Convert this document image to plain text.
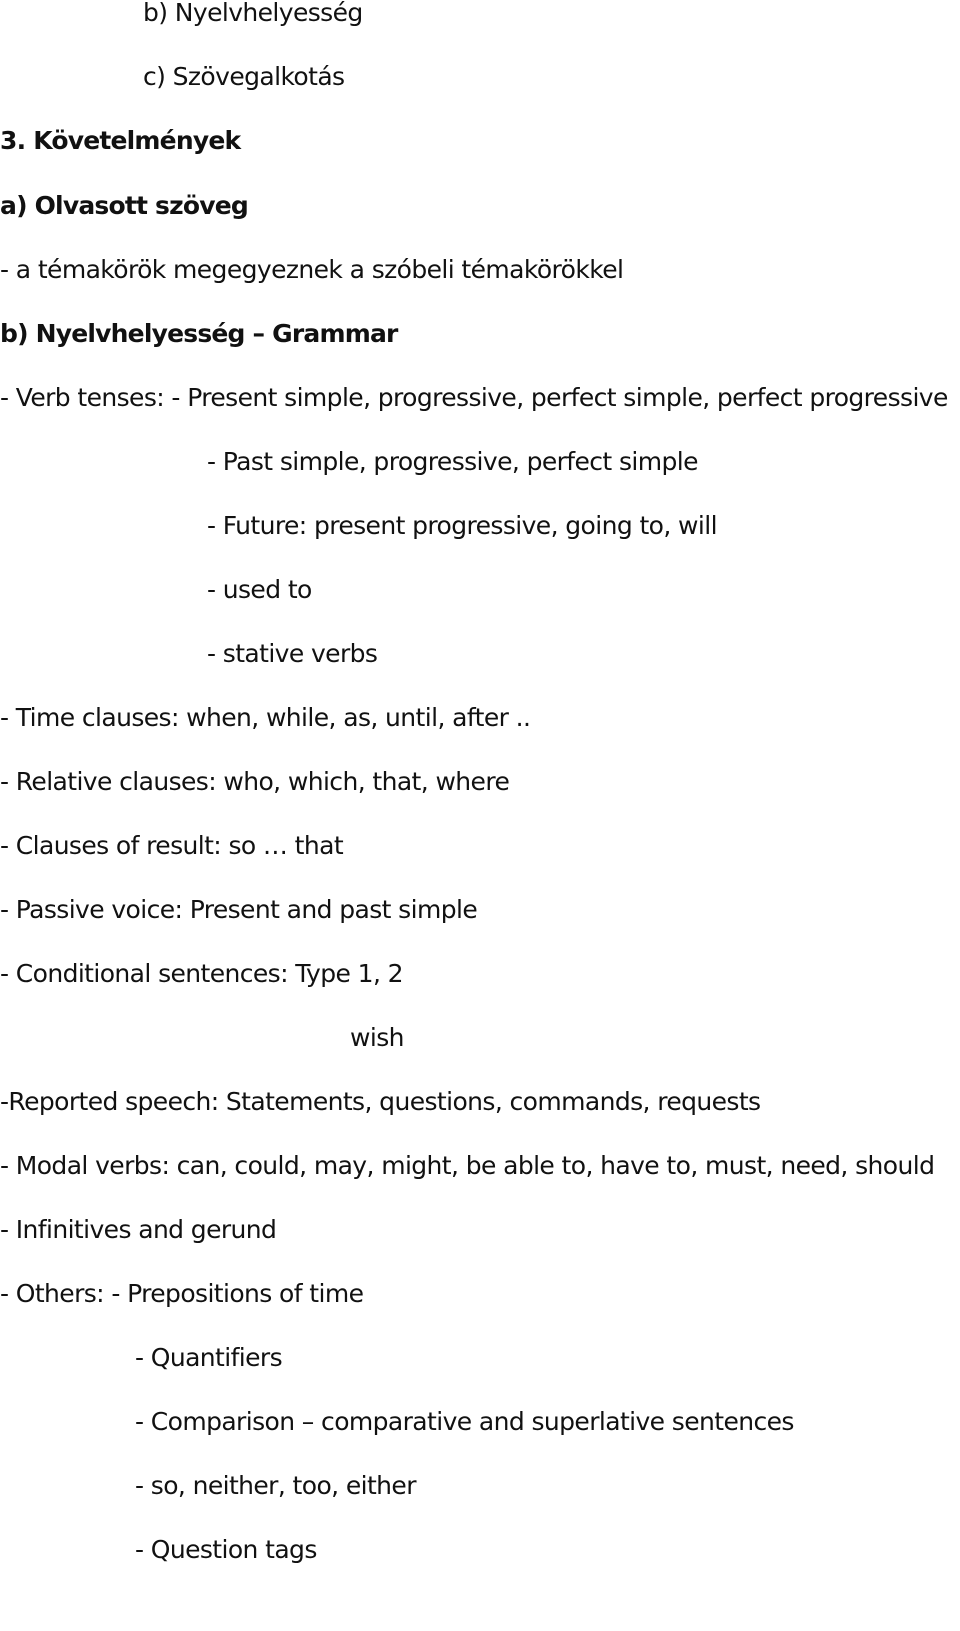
b) Nyelvhelyesség
c) Szövegalkotás
3. Követelmények
a) Olvasott szöveg
- a témakörök megegyeznek a szóbeli témakörökkel
b) Nyelvhelyesség – Grammar
- Verb tenses: - Present simple, progressive, perfect simple, perfect progressive
- Past simple, progressive, perfect simple
- Future: present progressive, going to, will
- used to
- stative verbs
- Time clauses: when, while, as, until, after ..
- Relative clauses: who, which, that, where
- Clauses of result: so … that
- Passive voice: Present and past simple
- Conditional sentences: Type 1, 2
wish
-Reported speech: Statements, questions, commands, requests
- Modal verbs: can, could, may, might, be able to, have to, must, need, should
- Infinitives and gerund
- Others: - Prepositions of time
- Quantifiers
- Comparison – comparative and superlative sentences
- so, neither, too, either
- Question tags
